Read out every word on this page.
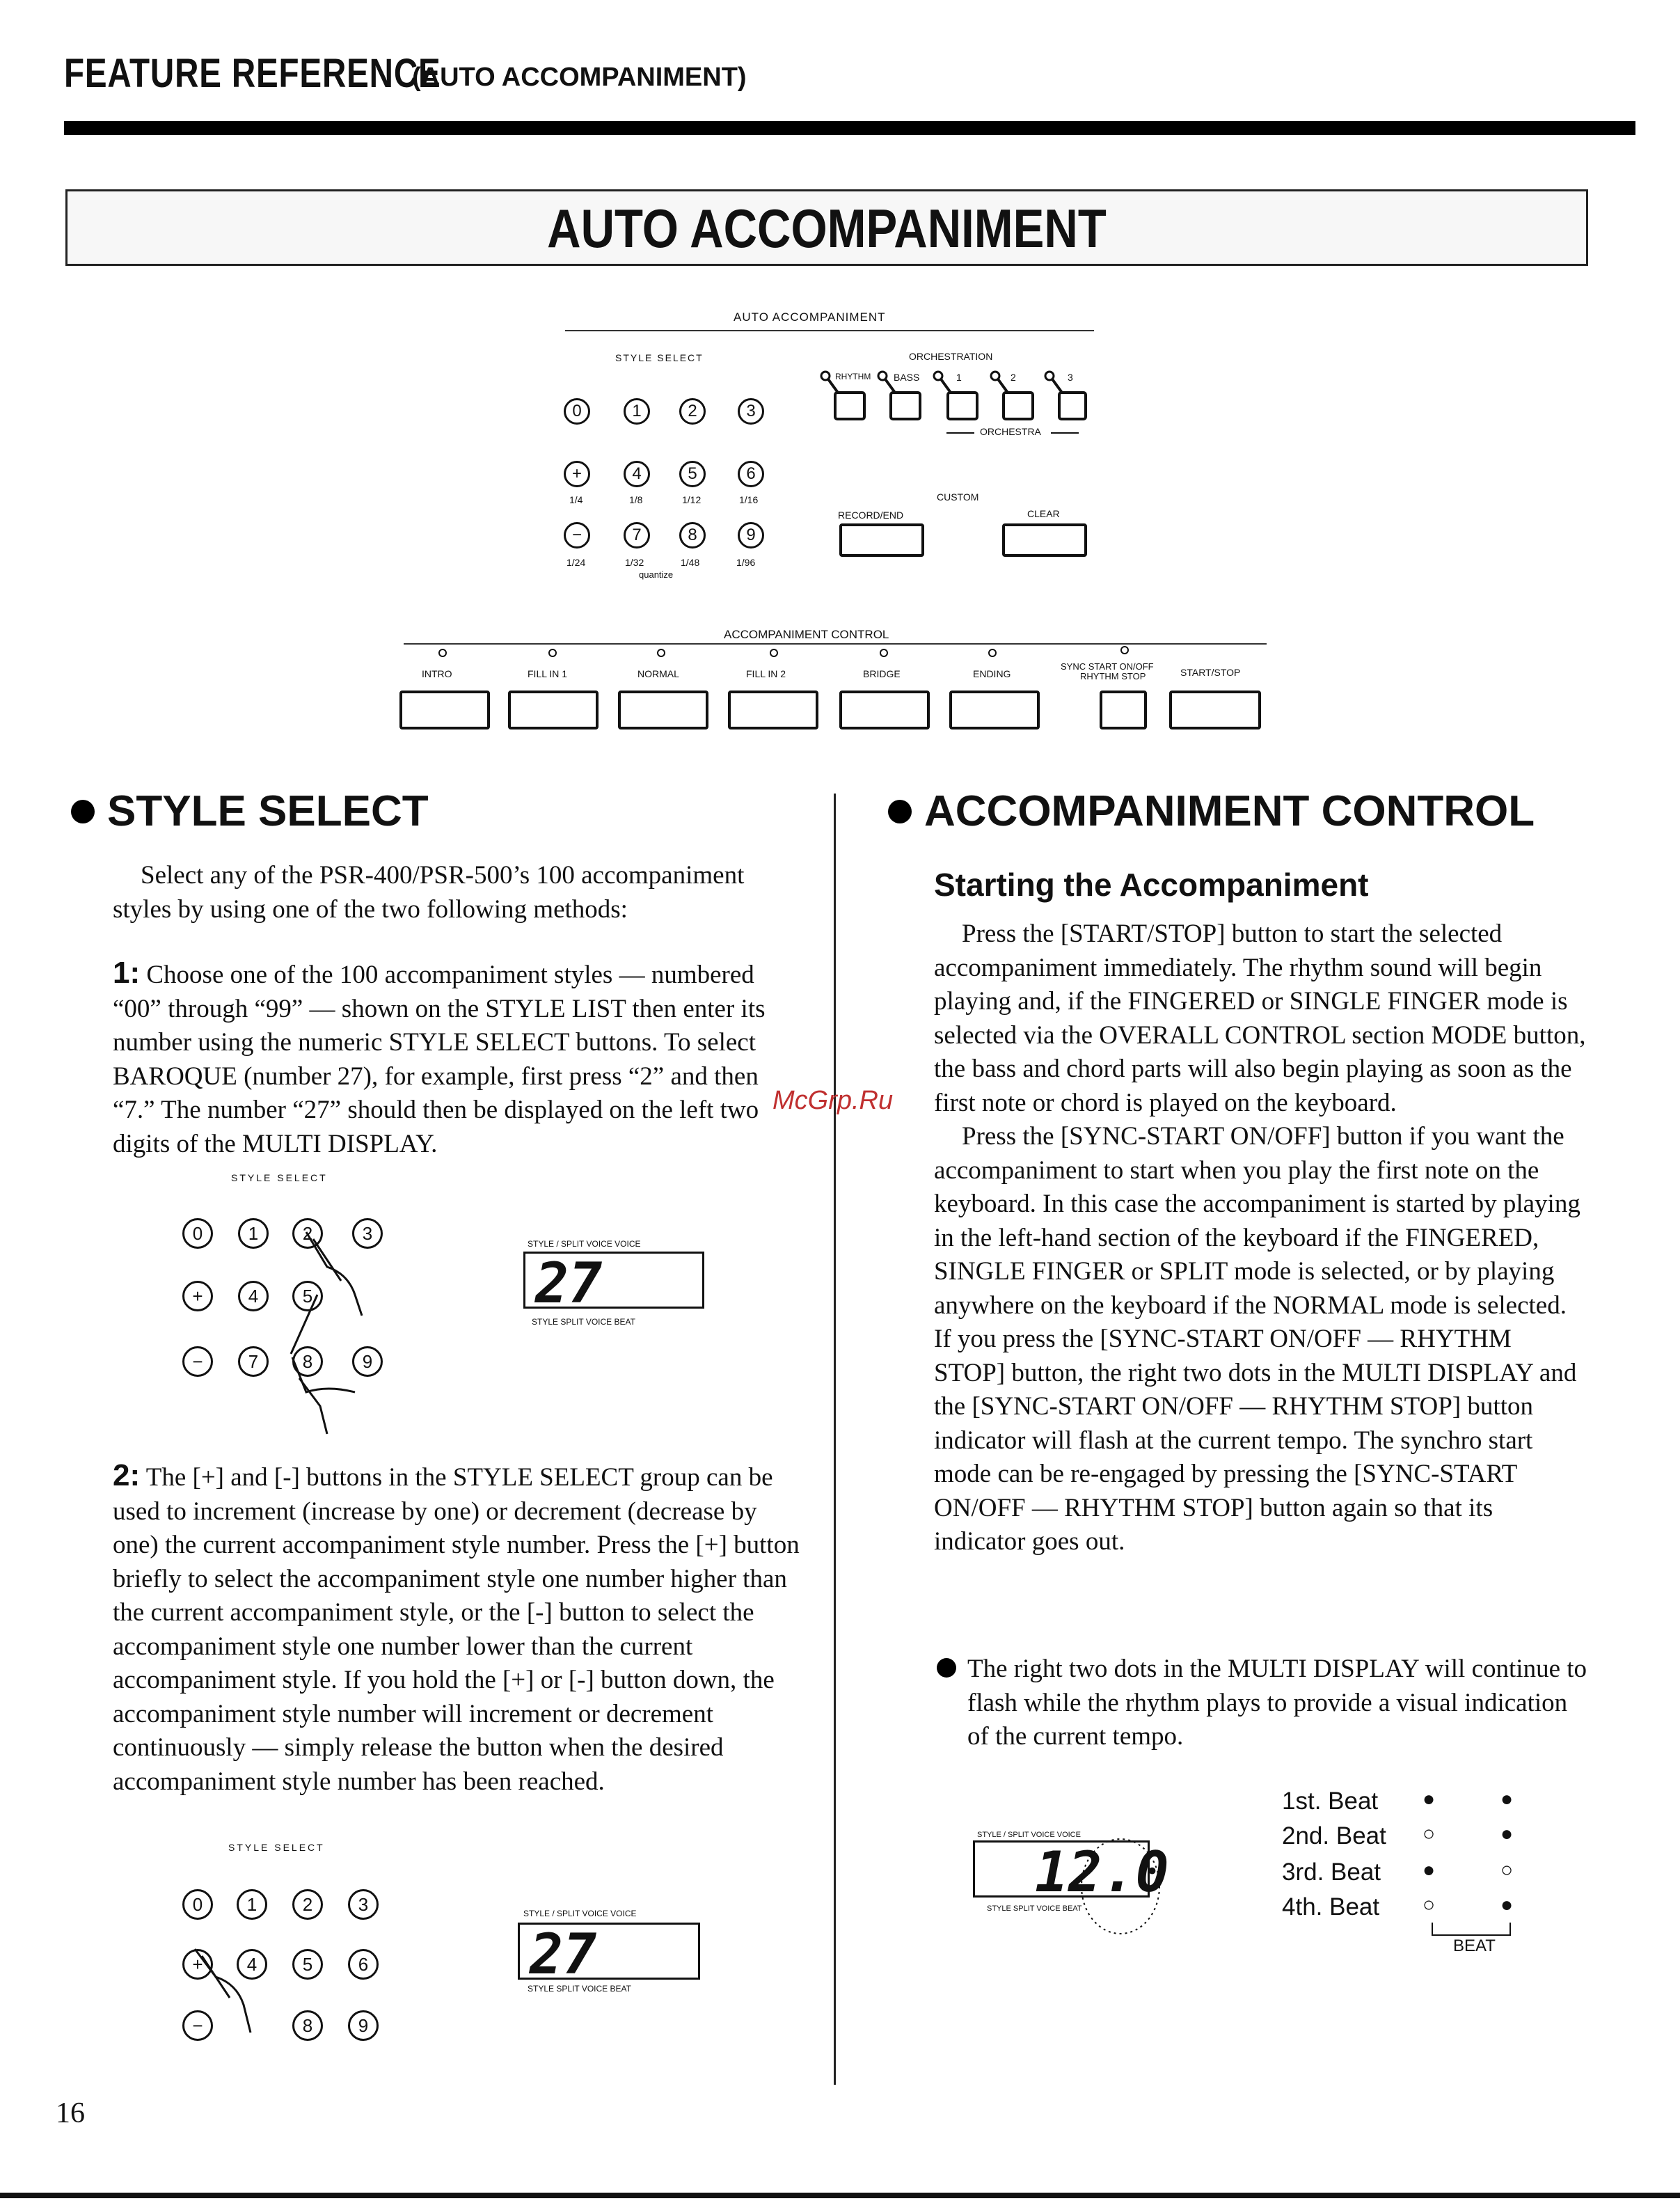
FEATURE REFERENCE
(AUTO ACCOMPANIMENT)
AUTO ACCOMPANIMENT
AUTO ACCOMPANIMENT
STYLE SELECT
0	1	2	3
+	4	5	6
1/4	1/8	1/12	1/16
−	7	8	9
1/24	1/32	1/48	1/96
quantize
ORCHESTRATION
RHYTHM BASS	1	2	3
ORCHESTRA
CUSTOM
RECORD/END	CLEAR
ACCOMPANIMENT CONTROL
INTRO	FILL IN 1	NORMAL	FILL IN 2	BRIDGE	ENDING
SYNC START ON/OFF
RHYTHM STOP	START/STOP
STYLE SELECT
Select any of the PSR-400/PSR-500’s 100 accompaniment styles by using one of the two following methods:
1: Choose one of the 100 accompaniment styles — numbered “00” through “99” — shown on the STYLE LIST then enter its number using the numeric STYLE SELECT buttons. To select BAROQUE (number 27), for example, first press “2” and then “7.” The number “27” should then be displayed on the left two digits of the MULTI DISPLAY.
STYLE SELECT
0	1	2	3
+	4	5
−	7	8	9
27
STYLE / SPLIT VOICE VOICE
STYLE SPLIT VOICE BEAT
2: The [+] and [-] buttons in the STYLE SELECT group can be used to increment (increase by one) or decrement (decrease by one) the current accompaniment style number. Press the [+] button briefly to select the accompaniment style one number higher than the current accompaniment style, or the [-] button to select the accompaniment style one number lower than the current accompaniment style. If you hold the [+] or [-] button down, the accompaniment style number will increment or decrement continuously — simply release the button when the desired accompaniment style number has been reached.
STYLE SELECT
0	1	2	3
+	4	5	6
−	8	9
27
STYLE / SPLIT VOICE VOICE
STYLE SPLIT VOICE BEAT
ACCOMPANIMENT CONTROL
Starting the Accompaniment

Press the [START/STOP] button to start the selected accompaniment immediately. The rhythm sound will begin playing and, if the FINGERED or SINGLE FINGER mode is selected via the OVERALL CONTROL section MODE button, the bass and chord parts will also begin playing as soon as the first note or chord is played on the keyboard.

Press the [SYNC-START ON/OFF] button if you want the accompaniment to start when you play the first note on the keyboard. In this case the accompaniment is started by playing in the left-hand section of the keyboard if the FINGERED, SINGLE FINGER or SPLIT mode is selected, or by playing anywhere on the keyboard if the NORMAL mode is selected. If you press the [SYNC-START ON/OFF — RHYTHM STOP] button, the right two dots in the MULTI DISPLAY and the [SYNC-START ON/OFF — RHYTHM STOP] button indicator will flash at the current tempo. The synchro start mode can be re-engaged by pressing the [SYNC-START ON/OFF — RHYTHM STOP] button again so that its indicator goes out.

The right two dots in the MULTI DISPLAY will continue to flash while the rhythm plays to provide a visual indication of the current tempo.
12.0
STYLE / SPLIT VOICE VOICE
STYLE SPLIT VOICE BEAT
1st. Beat ●	●
2nd. Beat ○	●
3rd. Beat ●	○
4th. Beat ○	●
BEAT
McGrp.Ru
16
